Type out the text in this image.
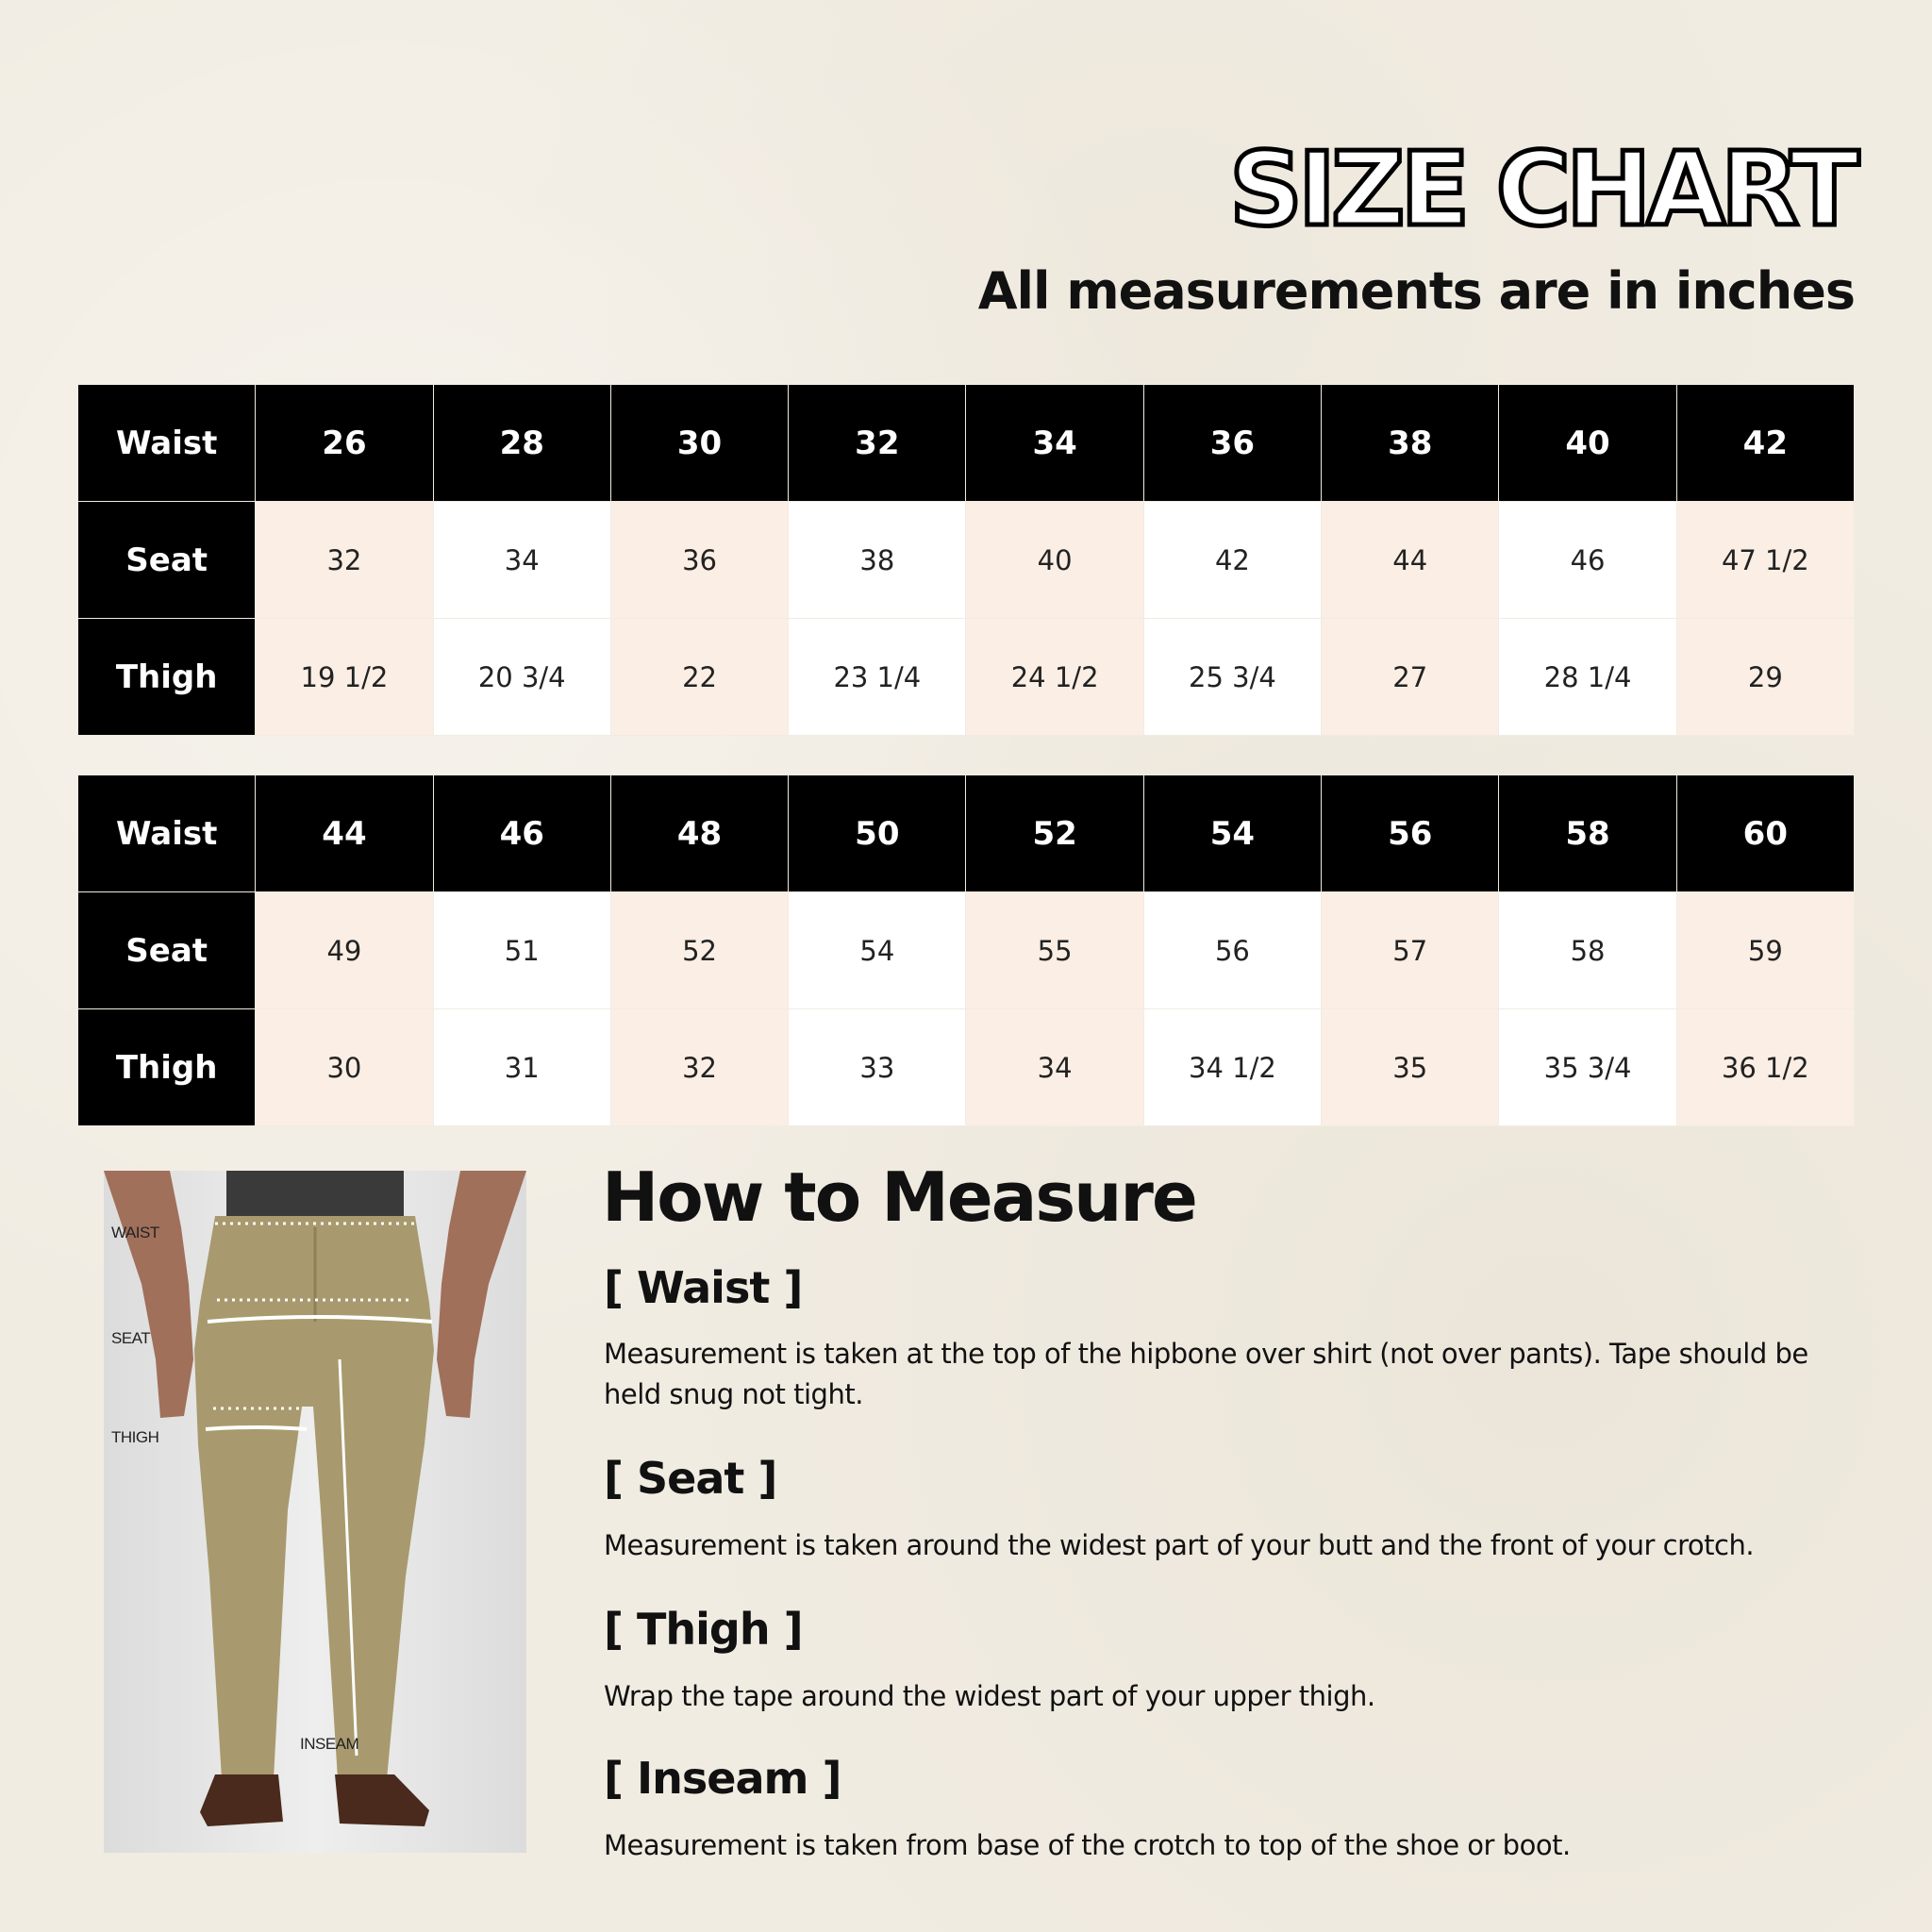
SIZE CHART
All measurements are in inches
Waist	26	28	30	32	34	36	38	40	42
Seat	32	34	36	38	40	42	44	46	47 1/2
Thigh	19 1/2	20 3/4	22	23 1/4	24 1/2	25 3/4	27	28 1/4	29
Waist	44	46	48	50	52	54	56	58	60
Seat	49	51	52	54	55	56	57	58	59
Thigh	30	31	32	33	34	34 1/2	35	35 3/4	36 1/2
WAIST
SEAT
THIGH
INSEAM
How to Measure
[ Waist ]
Measurement is taken at the top of the hipbone over shirt (not over pants). Tape should be held snug not tight.
[ Seat ]
Measurement is taken around the widest part of your butt and the front of your crotch.
[ Thigh ]
Wrap the tape around the widest part of your upper thigh.
[ Inseam ]
Measurement is taken from base of the crotch to top of the shoe or boot.
